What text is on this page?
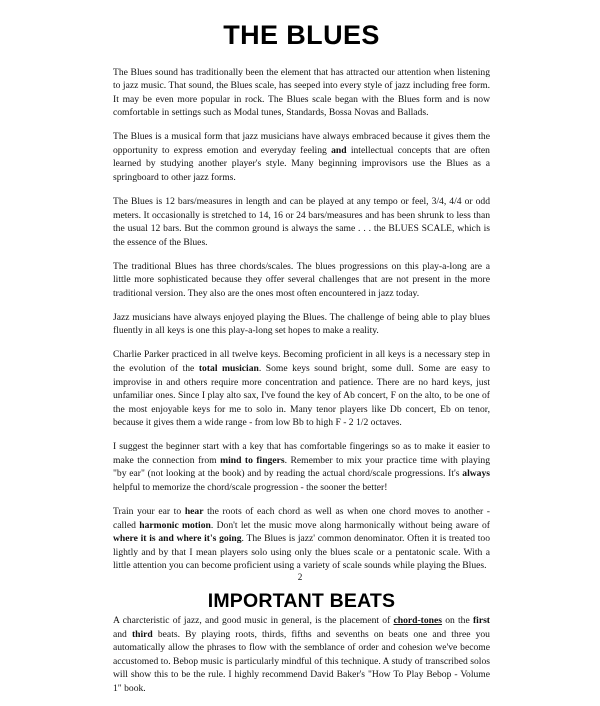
THE BLUES

The Blues sound has traditionally been the element that has attracted our attention when listening to jazz music. That sound, the Blues scale, has seeped into every style of jazz including free form. It may be even more popular in rock. The Blues scale began with the Blues form and is now comfortable in settings such as Modal tunes, Standards, Bossa Novas and Ballads.

The Blues is a musical form that jazz musicians have always embraced because it gives them the opportunity to express emotion and everyday feeling and intellectual concepts that are often learned by studying another player's style. Many beginning improvisors use the Blues as a springboard to other jazz forms.

The Blues is 12 bars/measures in length and can be played at any tempo or feel, 3/4, 4/4 or odd meters. It occasionally is stretched to 14, 16 or 24 bars/measures and has been shrunk to less than the usual 12 bars. But the common ground is always the same . . . the BLUES SCALE, which is the essence of the Blues.

The traditional Blues has three chords/scales. The blues progressions on this play-a-long are a little more sophisticated because they offer several challenges that are not present in the more traditional version. They also are the ones most often encountered in jazz today.

Jazz musicians have always enjoyed playing the Blues. The challenge of being able to play blues fluently in all keys is one this play-a-long set hopes to make a reality.

Charlie Parker practiced in all twelve keys. Becoming proficient in all keys is a necessary step in the evolution of the total musician. Some keys sound bright, some dull. Some are easy to improvise in and others require more concentration and patience. There are no hard keys, just unfamiliar ones. Since I play alto sax, I've found the key of Ab concert, F on the alto, to be one of the most enjoyable keys for me to solo in. Many tenor players like Db concert, Eb on tenor, because it gives them a wide range - from low Bb to high F - 2 1/2 octaves.

I suggest the beginner start with a key that has comfortable fingerings so as to make it easier to make the connection from mind to fingers. Remember to mix your practice time with playing "by ear" (not looking at the book) and by reading the actual chord/scale progressions. It's always helpful to memorize the chord/scale progression - the sooner the better!

Train your ear to hear the roots of each chord as well as when one chord moves to another - called harmonic motion. Don't let the music move along harmonically without being aware of where it is and where it's going. The Blues is jazz' common denominator. Often it is treated too lightly and by that I mean players solo using only the blues scale or a pentatonic scale. With a little attention you can become proficient using a variety of scale sounds while playing the Blues.

IMPORTANT BEATS

A charcteristic of jazz, and good music in general, is the placement of chord-tones on the first and third beats. By playing roots, thirds, fifths and sevenths on beats one and three you automatically allow the phrases to flow with the semblance of order and cohesion we've become accustomed to. Bebop music is particularly mindful of this technique. A study of transcribed solos will show this to be the rule. I highly recommend David Baker's "How To Play Bebop - Volume 1" book.

2
